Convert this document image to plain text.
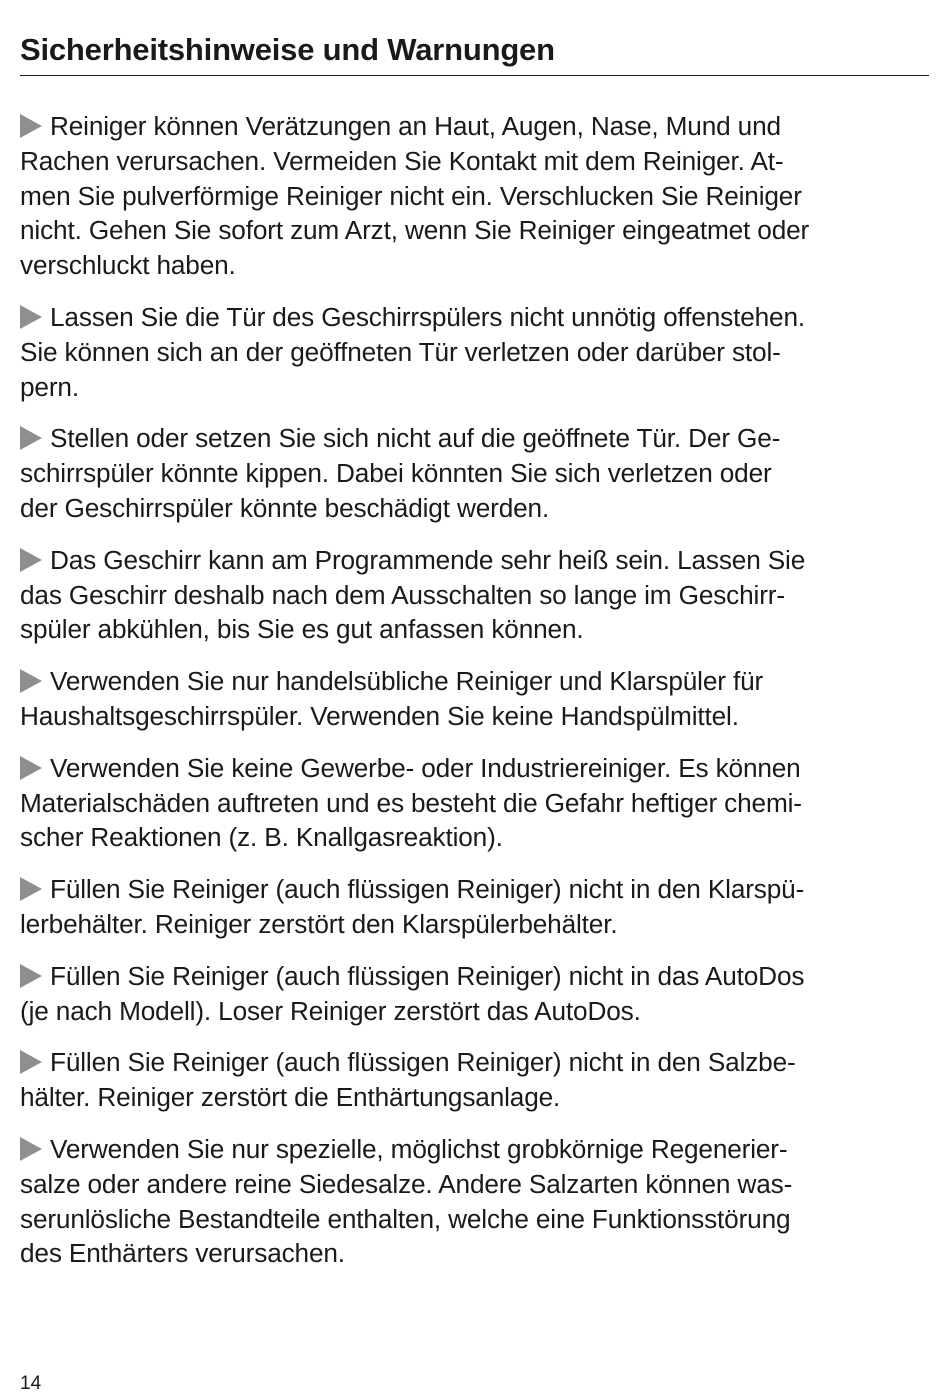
Sicherheitshinweise und Warnungen

Reiniger können Verätzungen an Haut, Augen, Nase, Mund und
Rachen verursachen. Vermeiden Sie Kontakt mit dem Reiniger. At-
men Sie pulverförmige Reiniger nicht ein. Verschlucken Sie Reiniger
nicht. Gehen Sie sofort zum Arzt, wenn Sie Reiniger eingeatmet oder
verschluckt haben.

Lassen Sie die Tür des Geschirrspülers nicht unnötig offenstehen.
Sie können sich an der geöffneten Tür verletzen oder darüber stol-
pern.

Stellen oder setzen Sie sich nicht auf die geöffnete Tür. Der Ge-
schirrspüler könnte kippen. Dabei könnten Sie sich verletzen oder
der Geschirrspüler könnte beschädigt werden.

Das Geschirr kann am Programmende sehr heiß sein. Lassen Sie
das Geschirr deshalb nach dem Ausschalten so lange im Geschirr-
spüler abkühlen, bis Sie es gut anfassen können.

Verwenden Sie nur handelsübliche Reiniger und Klarspüler für
Haushaltsgeschirrspüler. Verwenden Sie keine Handspülmittel.

Verwenden Sie keine Gewerbe- oder Industriereiniger. Es können
Materialschäden auftreten und es besteht die Gefahr heftiger chemi-
scher Reaktionen (z. B. Knallgasreaktion).

Füllen Sie Reiniger (auch flüssigen Reiniger) nicht in den Klarspü-
lerbehälter. Reiniger zerstört den Klarspülerbehälter.

Füllen Sie Reiniger (auch flüssigen Reiniger) nicht in das AutoDos
(je nach Modell). Loser Reiniger zerstört das AutoDos.

Füllen Sie Reiniger (auch flüssigen Reiniger) nicht in den Salzbe-
hälter. Reiniger zerstört die Enthärtungsanlage.

Verwenden Sie nur spezielle, möglichst grobkörnige Regenerier-
salze oder andere reine Siedesalze. Andere Salzarten können was-
serunlösliche Bestandteile enthalten, welche eine Funktionsstörung
des Enthärters verursachen.

14
